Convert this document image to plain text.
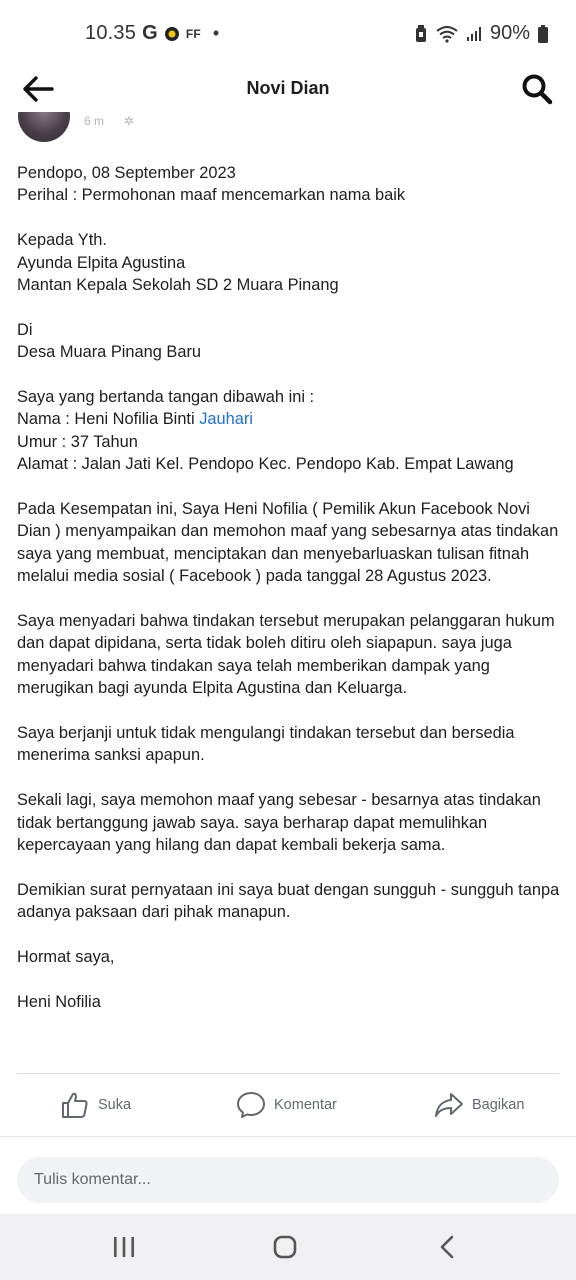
10.35 G FF •	90%
Novi Dian
6 m ✲

Pendopo, 08 September 2023
Perihal : Permohonan maaf mencemarkan nama baik

Kepada Yth.
Ayunda Elpita Agustina
Mantan Kepala Sekolah SD 2 Muara Pinang

Di
Desa Muara Pinang Baru

Saya yang bertanda tangan dibawah ini :
Nama : Heni Nofilia Binti Jauhari
Umur : 37 Tahun
Alamat : Jalan Jati Kel. Pendopo Kec. Pendopo Kab. Empat Lawang

Pada Kesempatan ini, Saya Heni Nofilia ( Pemilik Akun Facebook Novi Dian ) menyampaikan dan memohon maaf yang sebesarnya atas tindakan saya yang membuat, menciptakan dan menyebarluaskan tulisan fitnah melalui media sosial ( Facebook ) pada tanggal 28 Agustus 2023.

Saya menyadari bahwa tindakan tersebut merupakan pelanggaran hukum dan dapat dipidana, serta tidak boleh ditiru oleh siapapun. saya juga menyadari bahwa tindakan saya telah memberikan dampak yang merugikan bagi ayunda Elpita Agustina dan Keluarga.

Saya berjanji untuk tidak mengulangi tindakan tersebut dan bersedia menerima sanksi apapun.

Sekali lagi, saya memohon maaf yang sebesar - besarnya atas tindakan tidak bertanggung jawab saya. saya berharap dapat memulihkan kepercayaan yang hilang dan dapat kembali bekerja sama.

Demikian surat pernyataan ini saya buat dengan sungguh - sungguh tanpa adanya paksaan dari pihak manapun.

Hormat saya,

Heni Nofilia

Suka	Komentar	Bagikan
Tulis komentar...
